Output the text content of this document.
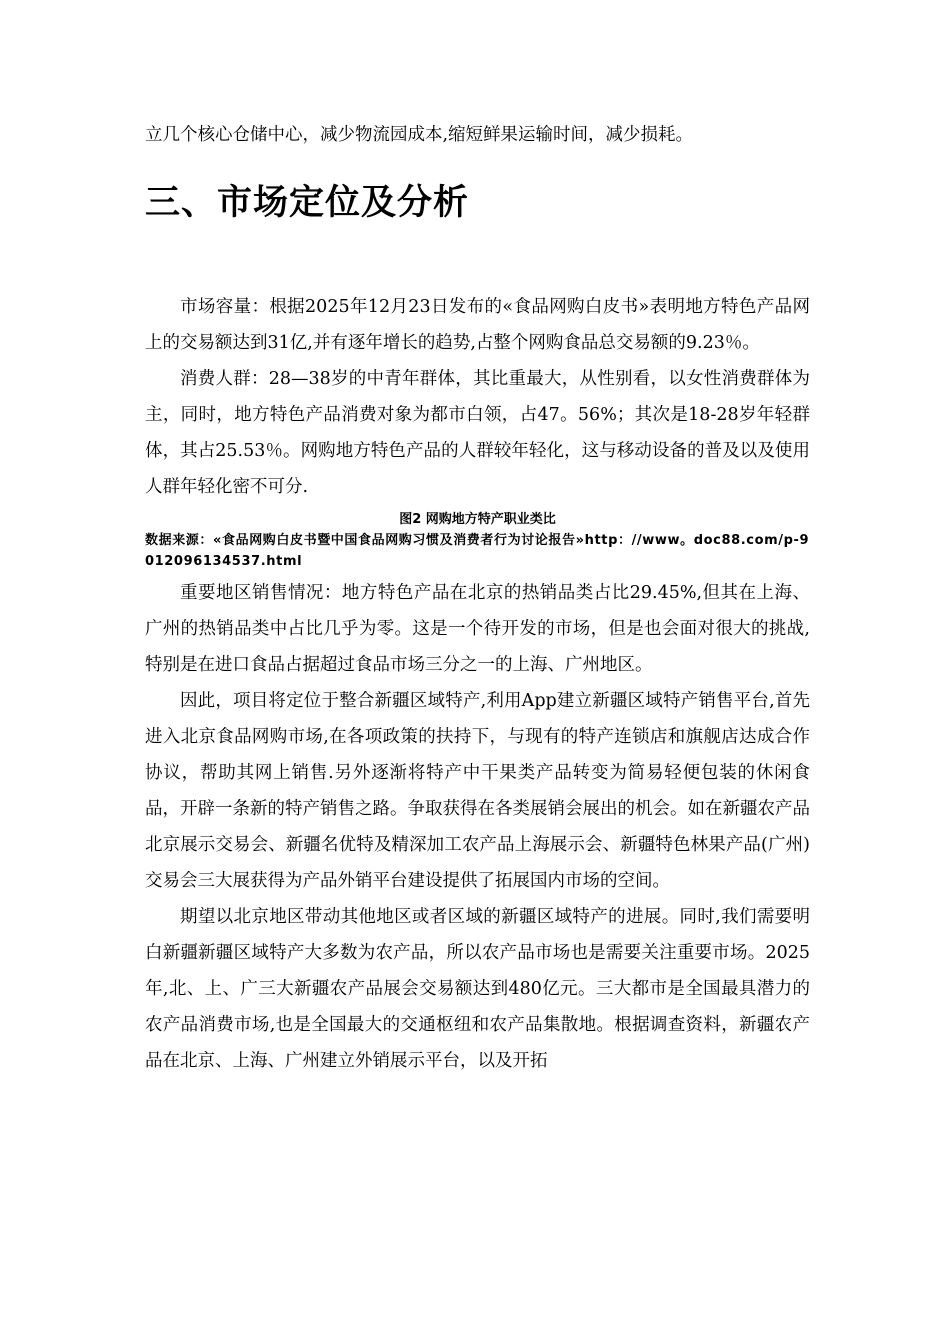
立几个核心仓储中心，减少物流园成本,缩短鲜果运输时间，减少损耗。

三、市场定位及分析

市场容量：根据2025年12月23日发布的«食品网购白皮书»表明地方特色产品网上的交易额达到31亿,并有逐年增长的趋势,占整个网购食品总交易额的9.23％。

消费人群：28—38岁的中青年群体，其比重最大，从性别看，以女性消费群体为主，同时，地方特色产品消费对象为都市白领，占47。56%；其次是18-28岁年轻群体，其占25.53％。网购地方特色产品的人群较年轻化，这与移动设备的普及以及使用人群年轻化密不可分.

图2 网购地方特产职业类比

数据来源：«食品网购白皮书暨中国食品网购习惯及消费者行为讨论报告»http：//www。doc88.com/p-9012096134537.html

重要地区销售情况：地方特色产品在北京的热销品类占比29.45%,但其在上海、广州的热销品类中占比几乎为零。这是一个待开发的市场，但是也会面对很大的挑战,特别是在进口食品占据超过食品市场三分之一的上海、广州地区。

因此，项目将定位于整合新疆区域特产,利用App建立新疆区域特产销售平台,首先进入北京食品网购市场,在各项政策的扶持下，与现有的特产连锁店和旗舰店达成合作协议，帮助其网上销售.另外逐渐将特产中干果类产品转变为简易轻便包装的休闲食品，开辟一条新的特产销售之路。争取获得在各类展销会展出的机会。如在新疆农产品北京展示交易会、新疆名优特及精深加工农产品上海展示会、新疆特色林果产品(广州)交易会三大展获得为产品外销平台建设提供了拓展国内市场的空间。

期望以北京地区带动其他地区或者区域的新疆区域特产的进展。同时,我们需要明白新疆新疆区域特产大多数为农产品，所以农产品市场也是需要关注重要市场。2025年,北、上、广三大新疆农产品展会交易额达到480亿元。三大都市是全国最具潜力的农产品消费市场,也是全国最大的交通枢纽和农产品集散地。根据调查资料，新疆农产品在北京、上海、广州建立外销展示平台，以及开拓
